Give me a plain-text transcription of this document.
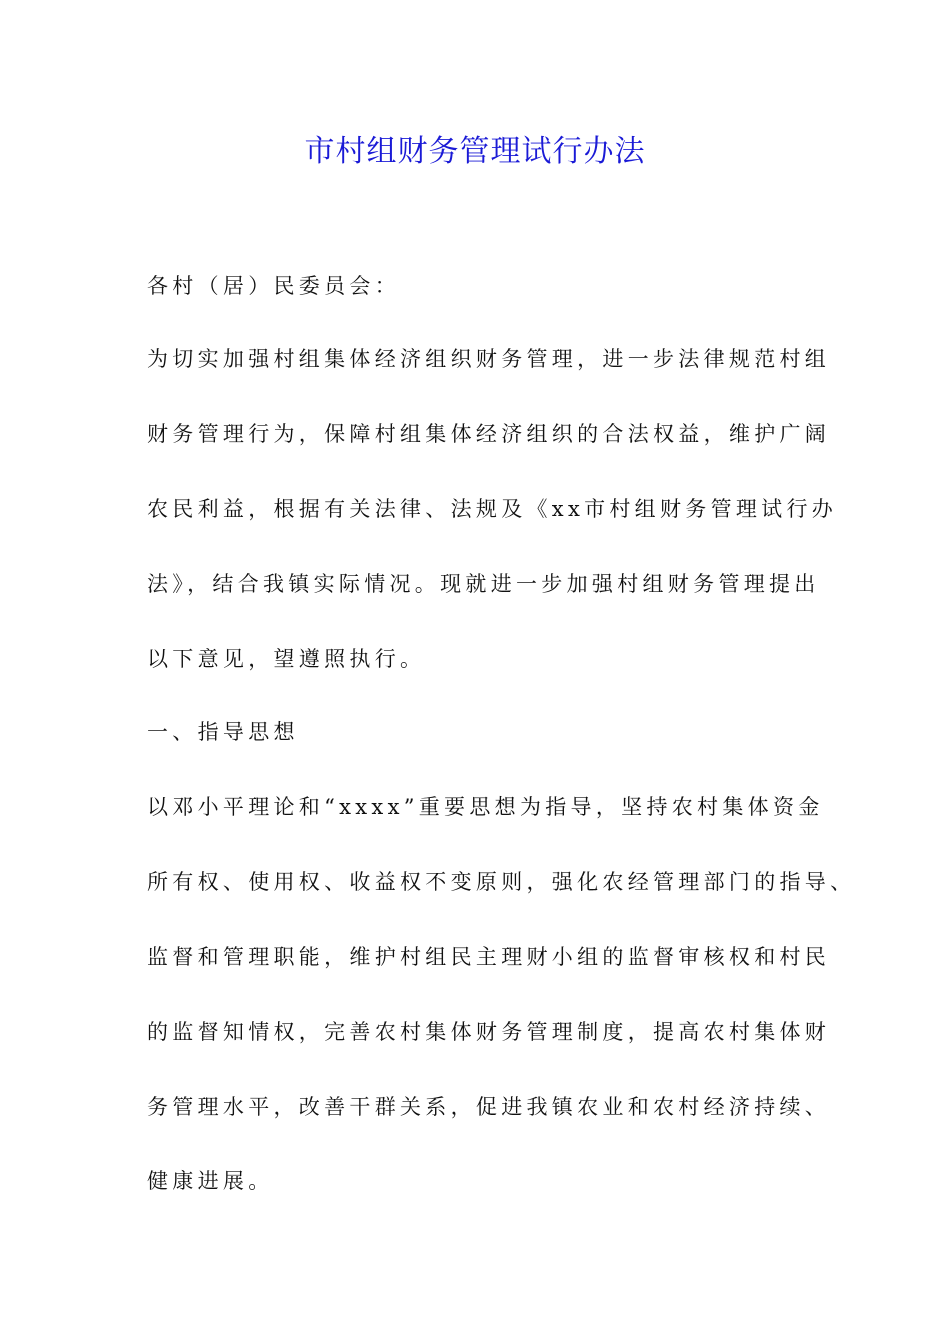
市村组财务管理试行办法
各村（居）民委员会：
为切实加强村组集体经济组织财务管理，进一步法律规范村组
财务管理行为，保障村组集体经济组织的合法权益，维护广阔
农民利益，根据有关法律、法规及《xx市村组财务管理试行办
法》，结合我镇实际情况。现就进一步加强村组财务管理提出
以下意见，望遵照执行。
一、指导思想
以邓小平理论和“xxxx”重要思想为指导，坚持农村集体资金
所有权、使用权、收益权不变原则，强化农经管理部门的指导、
监督和管理职能，维护村组民主理财小组的监督审核权和村民
的监督知情权，完善农村集体财务管理制度，提高农村集体财
务管理水平，改善干群关系，促进我镇农业和农村经济持续、
健康进展。
